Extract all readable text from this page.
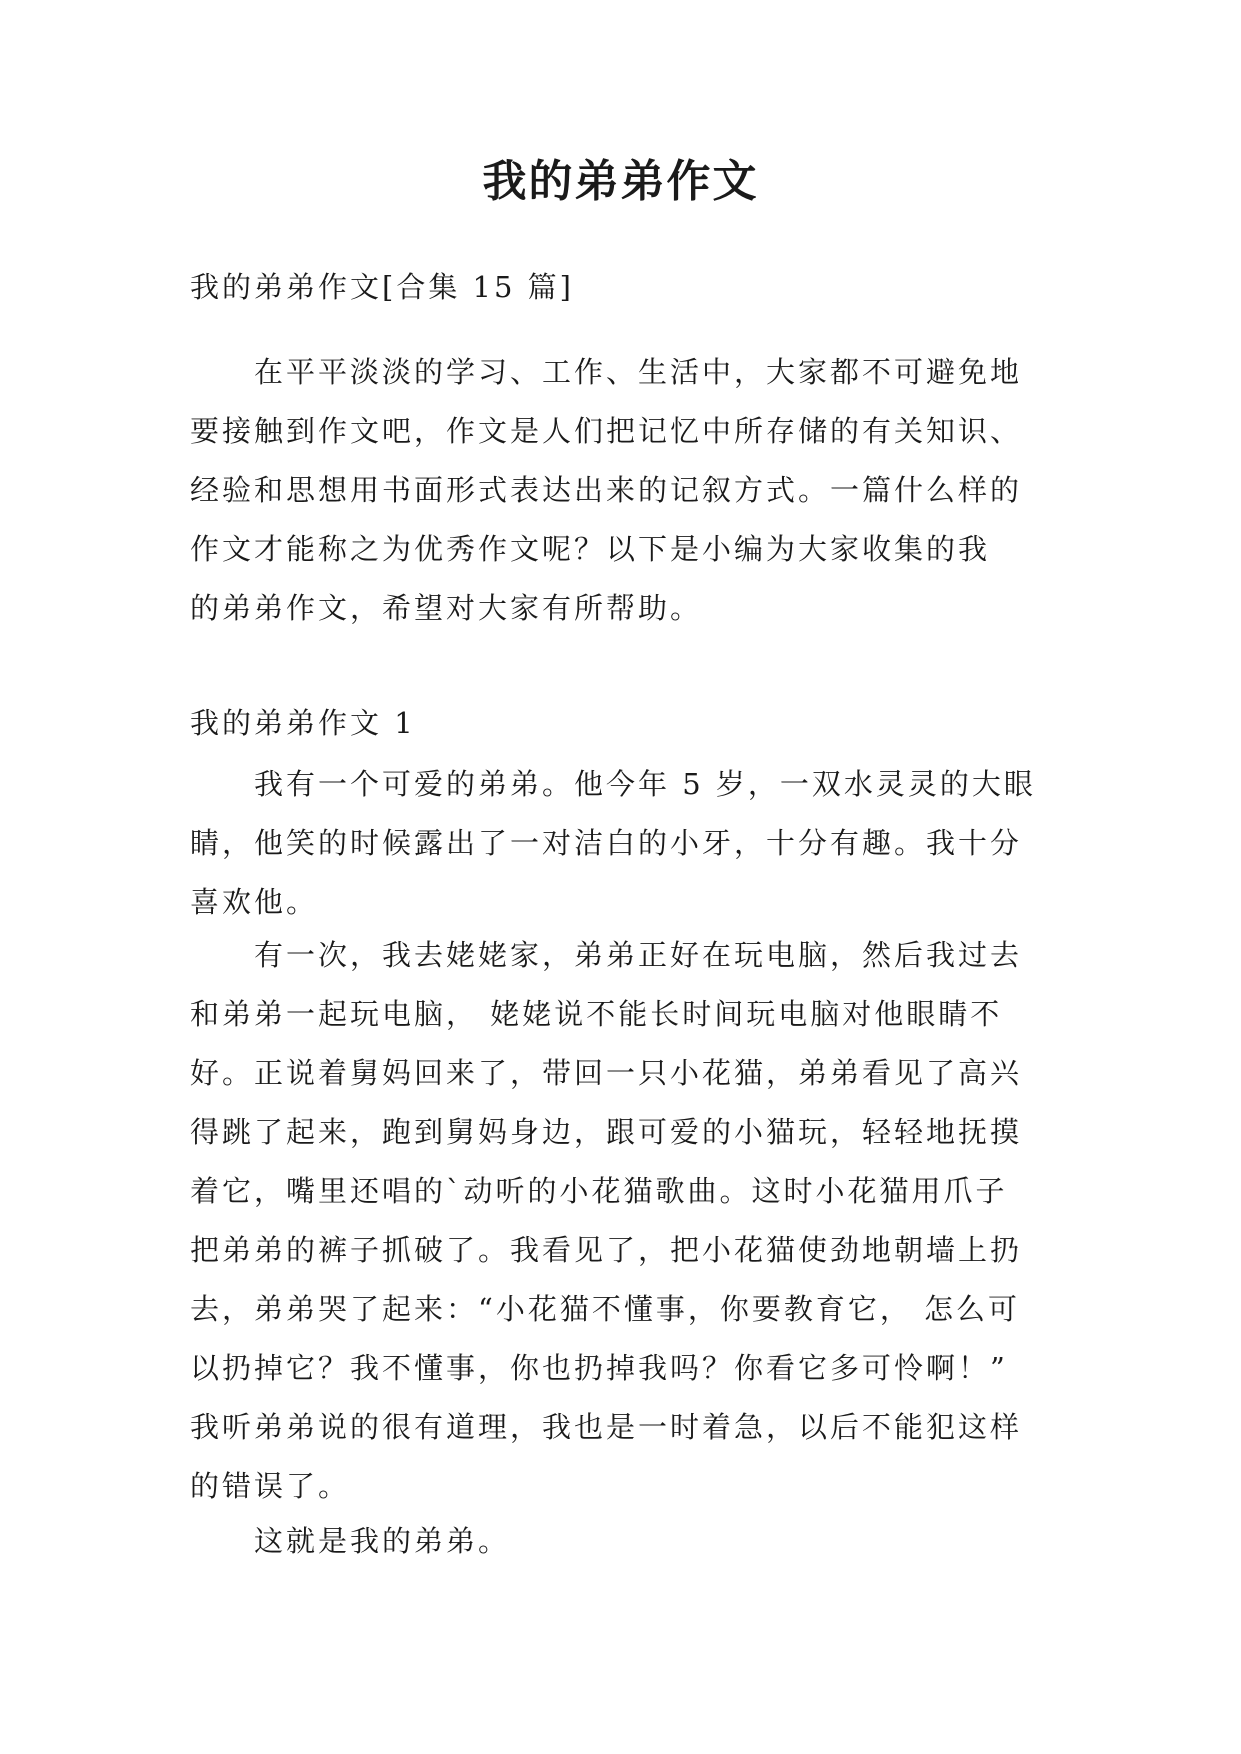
我的弟弟作文

我的弟弟作文[合集 15 篇]

在平平淡淡的学习、工作、生活中，大家都不可避免地
要接触到作文吧，作文是人们把记忆中所存储的有关知识、
经验和思想用书面形式表达出来的记叙方式。一篇什么样的
作文才能称之为优秀作文呢？以下是小编为大家收集的我
的弟弟作文，希望对大家有所帮助。

我的弟弟作文 1

我有一个可爱的弟弟。他今年 5 岁，一双水灵灵的大眼
睛，他笑的时候露出了一对洁白的小牙，十分有趣。我十分
喜欢他。

有一次，我去姥姥家，弟弟正好在玩电脑，然后我过去
和弟弟一起玩电脑， 姥姥说不能长时间玩电脑对他眼睛不
好。正说着舅妈回来了，带回一只小花猫，弟弟看见了高兴
得跳了起来，跑到舅妈身边，跟可爱的小猫玩，轻轻地抚摸
着它，嘴里还唱的`动听的小花猫歌曲。这时小花猫用爪子
把弟弟的裤子抓破了。我看见了，把小花猫使劲地朝墙上扔
去，弟弟哭了起来：“小花猫不懂事，你要教育它， 怎么可
以扔掉它？我不懂事，你也扔掉我吗？你看它多可怜啊！”
我听弟弟说的很有道理，我也是一时着急，以后不能犯这样
的错误了。

这就是我的弟弟。
